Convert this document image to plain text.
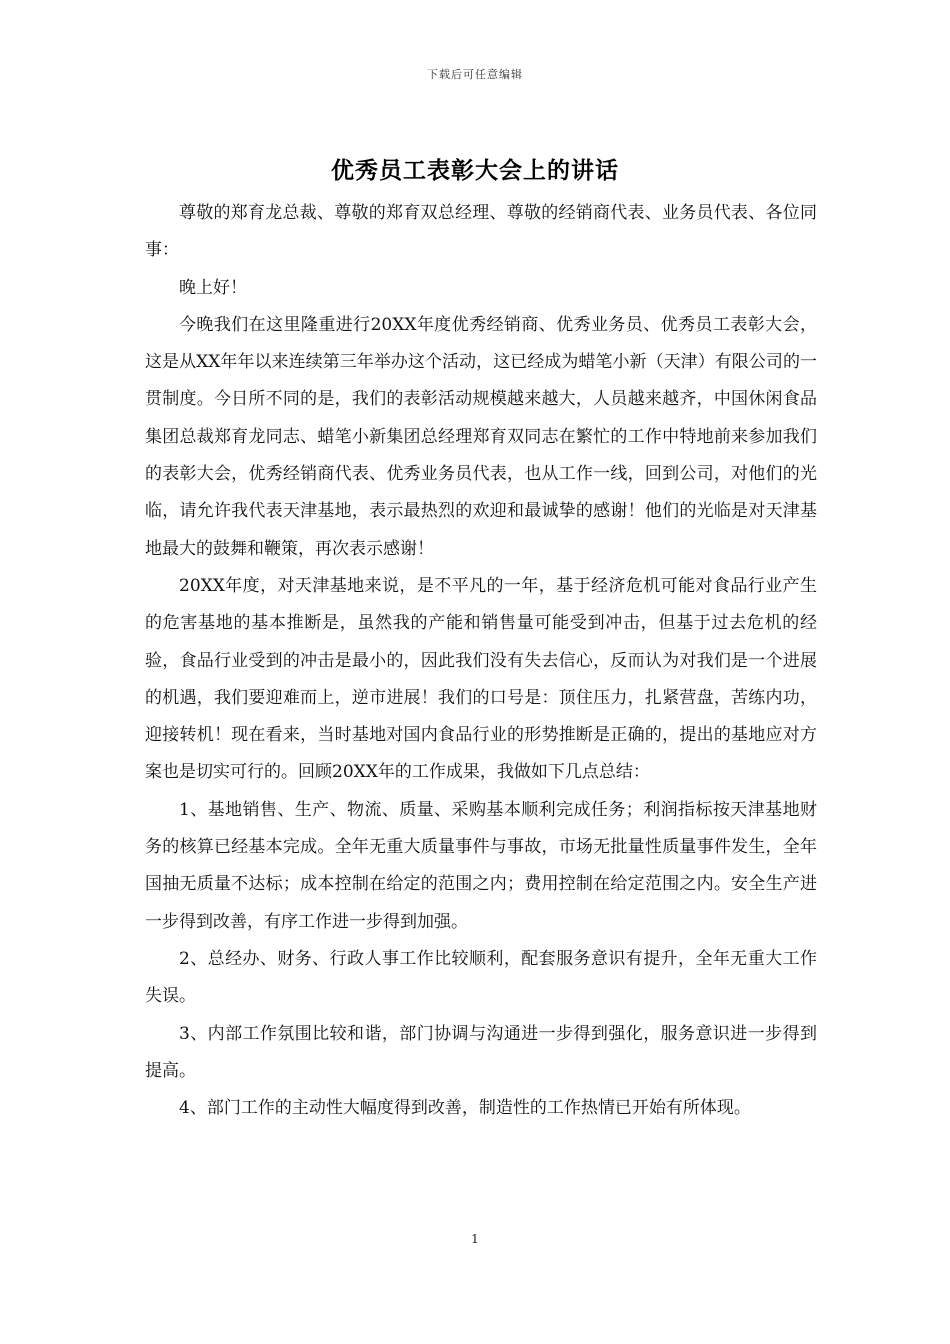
下载后可任意编辑
优秀员工表彰大会上的讲话

尊敬的郑育龙总裁、尊敬的郑育双总经理、尊敬的经销商代表、业务员代表、各位同事：

晚上好！

今晚我们在这里隆重进行20XX年度优秀经销商、优秀业务员、优秀员工表彰大会，这是从XX年年以来连续第三年举办这个活动，这已经成为蜡笔小新（天津）有限公司的一贯制度。今日所不同的是，我们的表彰活动规模越来越大，人员越来越齐，中国休闲食品集团总裁郑育龙同志、蜡笔小新集团总经理郑育双同志在繁忙的工作中特地前来参加我们的表彰大会，优秀经销商代表、优秀业务员代表，也从工作一线，回到公司，对他们的光临，请允许我代表天津基地，表示最热烈的欢迎和最诚挚的感谢！他们的光临是对天津基地最大的鼓舞和鞭策，再次表示感谢！

20XX年度，对天津基地来说，是不平凡的一年，基于经济危机可能对食品行业产生的危害基地的基本推断是，虽然我的产能和销售量可能受到冲击，但基于过去危机的经验，食品行业受到的冲击是最小的，因此我们没有失去信心，反而认为对我们是一个进展的机遇，我们要迎难而上，逆市进展！我们的口号是：顶住压力，扎紧营盘，苦练内功，迎接转机！现在看来，当时基地对国内食品行业的形势推断是正确的，提出的基地应对方案也是切实可行的。回顾20XX年的工作成果，我做如下几点总结：

1、基地销售、生产、物流、质量、采购基本顺利完成任务；利润指标按天津基地财务的核算已经基本完成。全年无重大质量事件与事故，市场无批量性质量事件发生，全年国抽无质量不达标；成本控制在给定的范围之内；费用控制在给定范围之内。安全生产进一步得到改善，有序工作进一步得到加强。

2、总经办、财务、行政人事工作比较顺利，配套服务意识有提升，全年无重大工作失误。

3、内部工作氛围比较和谐，部门协调与沟通进一步得到强化，服务意识进一步得到提高。

4、部门工作的主动性大幅度得到改善，制造性的工作热情已开始有所体现。

1
